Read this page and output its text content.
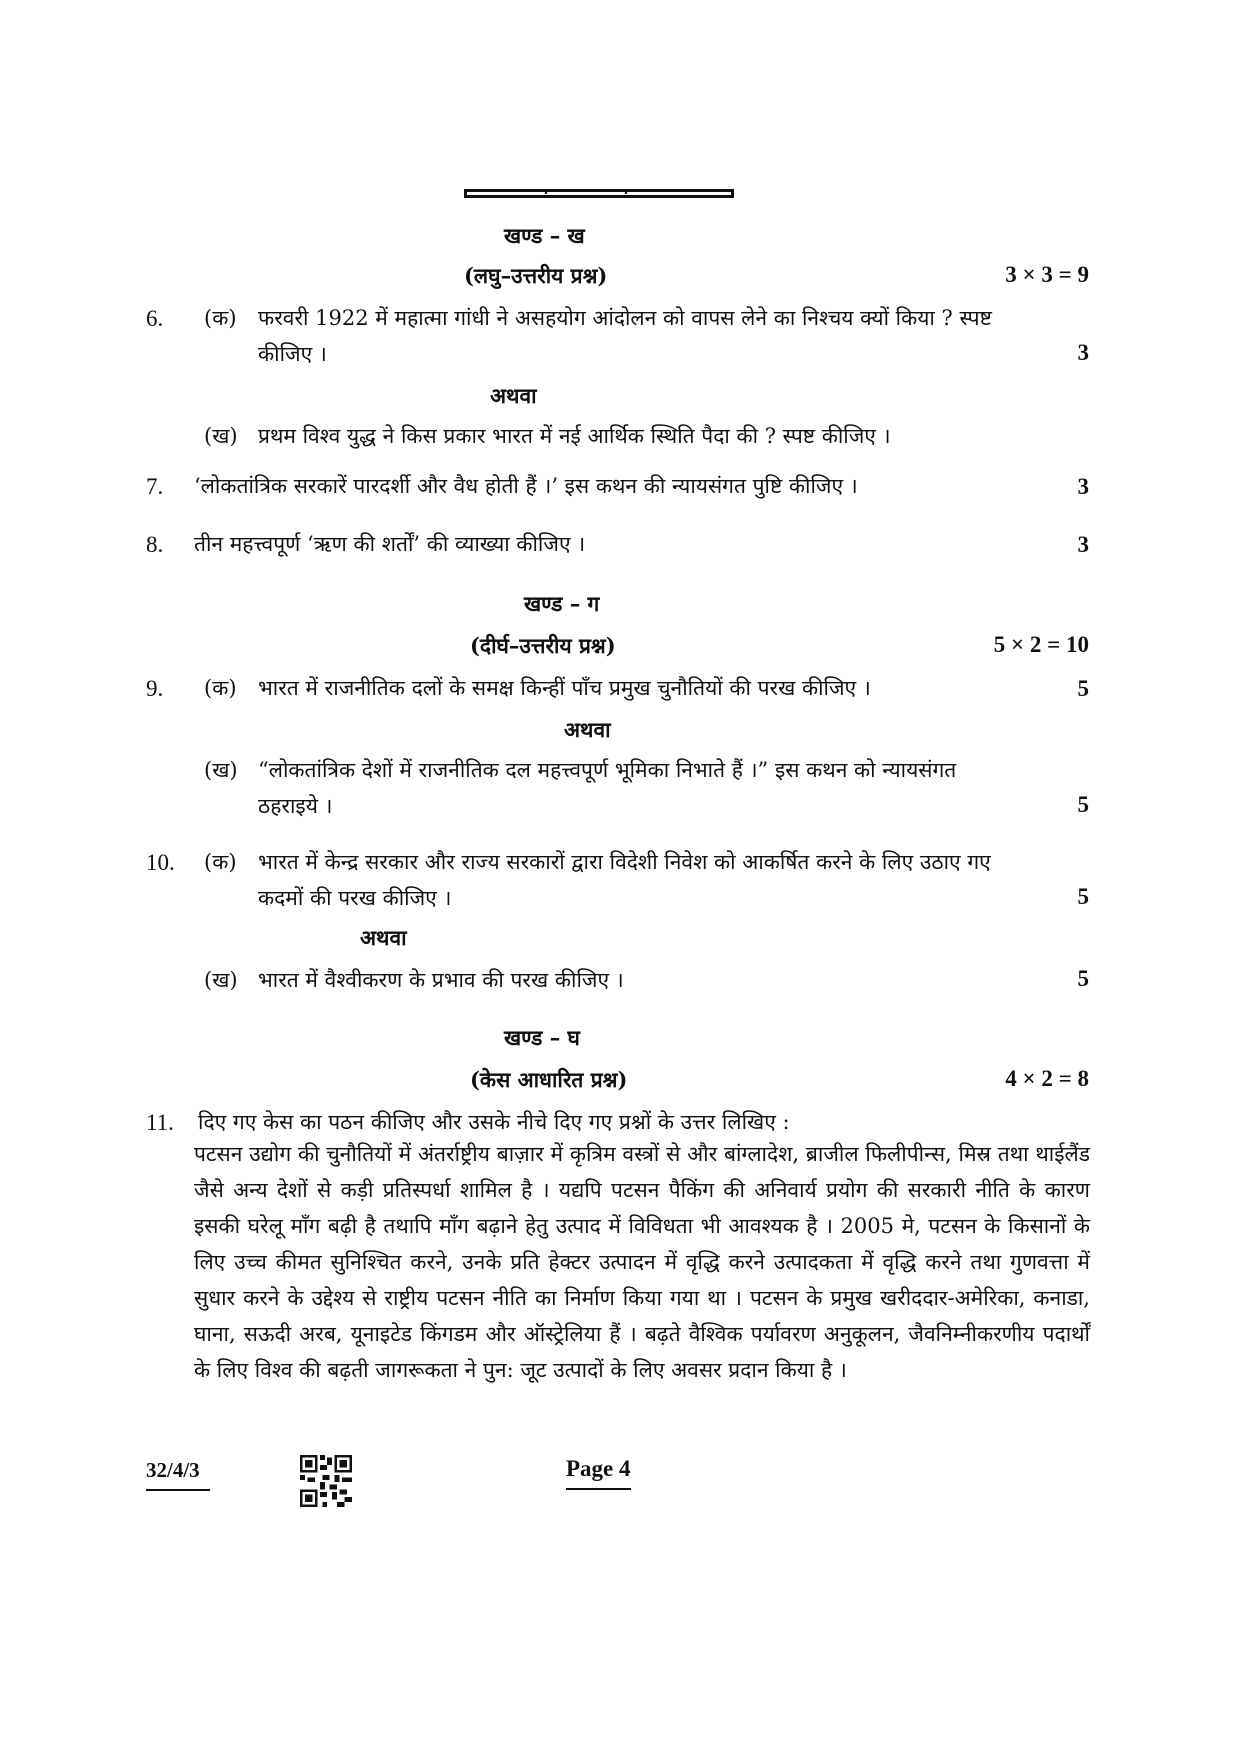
खण्ड – ख
(लघु–उत्तरीय प्रश्न)	3 × 3 = 9
6. (क) फरवरी 1922 में महात्मा गांधी ने असहयोग आंदोलन को वापस लेने का निश्चय क्यों किया ? स्पष्ट
कीजिए ।	3
अथवा
(ख) प्रथम विश्व युद्ध ने किस प्रकार भारत में नई आर्थिक स्थिति पैदा की ? स्पष्ट कीजिए ।
7. ‘लोकतांत्रिक सरकारें पारदर्शी और वैध होती हैं ।’ इस कथन की न्यायसंगत पुष्टि कीजिए ।	3
8. तीन महत्त्वपूर्ण ‘ऋण की शर्तों’ की व्याख्या कीजिए ।	3
खण्ड – ग
(दीर्घ–उत्तरीय प्रश्न)	5 × 2 = 10
9. (क) भारत में राजनीतिक दलों के समक्ष किन्हीं पाँच प्रमुख चुनौतियों की परख कीजिए ।	5
अथवा
(ख) “लोकतांत्रिक देशों में राजनीतिक दल महत्त्वपूर्ण भूमिका निभाते हैं ।” इस कथन को न्यायसंगत
ठहराइये ।	5
10. (क) भारत में केन्द्र सरकार और राज्य सरकारों द्वारा विदेशी निवेश को आकर्षित करने के लिए उठाए गए
कदमों की परख कीजिए ।	5
अथवा
(ख) भारत में वैश्वीकरण के प्रभाव की परख कीजिए ।	5
खण्ड – घ
(केस आधारित प्रश्न)	4 × 2 = 8
11. दिए गए केस का पठन कीजिए और उसके नीचे दिए गए प्रश्नों के उत्तर लिखिए :
पटसन उद्योग की चुनौतियों में अंतर्राष्ट्रीय बाज़ार में कृत्रिम वस्त्रों से और बांग्लादेश, ब्राजील फिलीपीन्स, मिस्र तथा थाईलैंड जैसे अन्य देशों से कड़ी प्रतिस्पर्धा शामिल है । यद्यपि पटसन पैकिंग की अनिवार्य प्रयोग की सरकारी नीति के कारण इसकी घरेलू माँग बढ़ी है तथापि माँग बढ़ाने हेतु उत्पाद में विविधता भी आवश्यक है । 2005 मे, पटसन के किसानों के लिए उच्च कीमत सुनिश्चित करने, उनके प्रति हेक्टर उत्पादन में वृद्धि करने उत्पादकता में वृद्धि करने तथा गुणवत्ता में सुधार करने के उद्देश्य से राष्ट्रीय पटसन नीति का निर्माण किया गया था । पटसन के प्रमुख खरीददार-अमेरिका, कनाडा, घाना, सऊदी अरब, यूनाइटेड किंगडम और ऑस्ट्रेलिया हैं । बढ़ते वैश्विक पर्यावरण अनुकूलन, जैवनिम्नीकरणीय पदार्थों के लिए विश्व की बढ़ती जागरूकता ने पुन: जूट उत्पादों के लिए अवसर प्रदान किया है ।
32/4/3	Page 4
